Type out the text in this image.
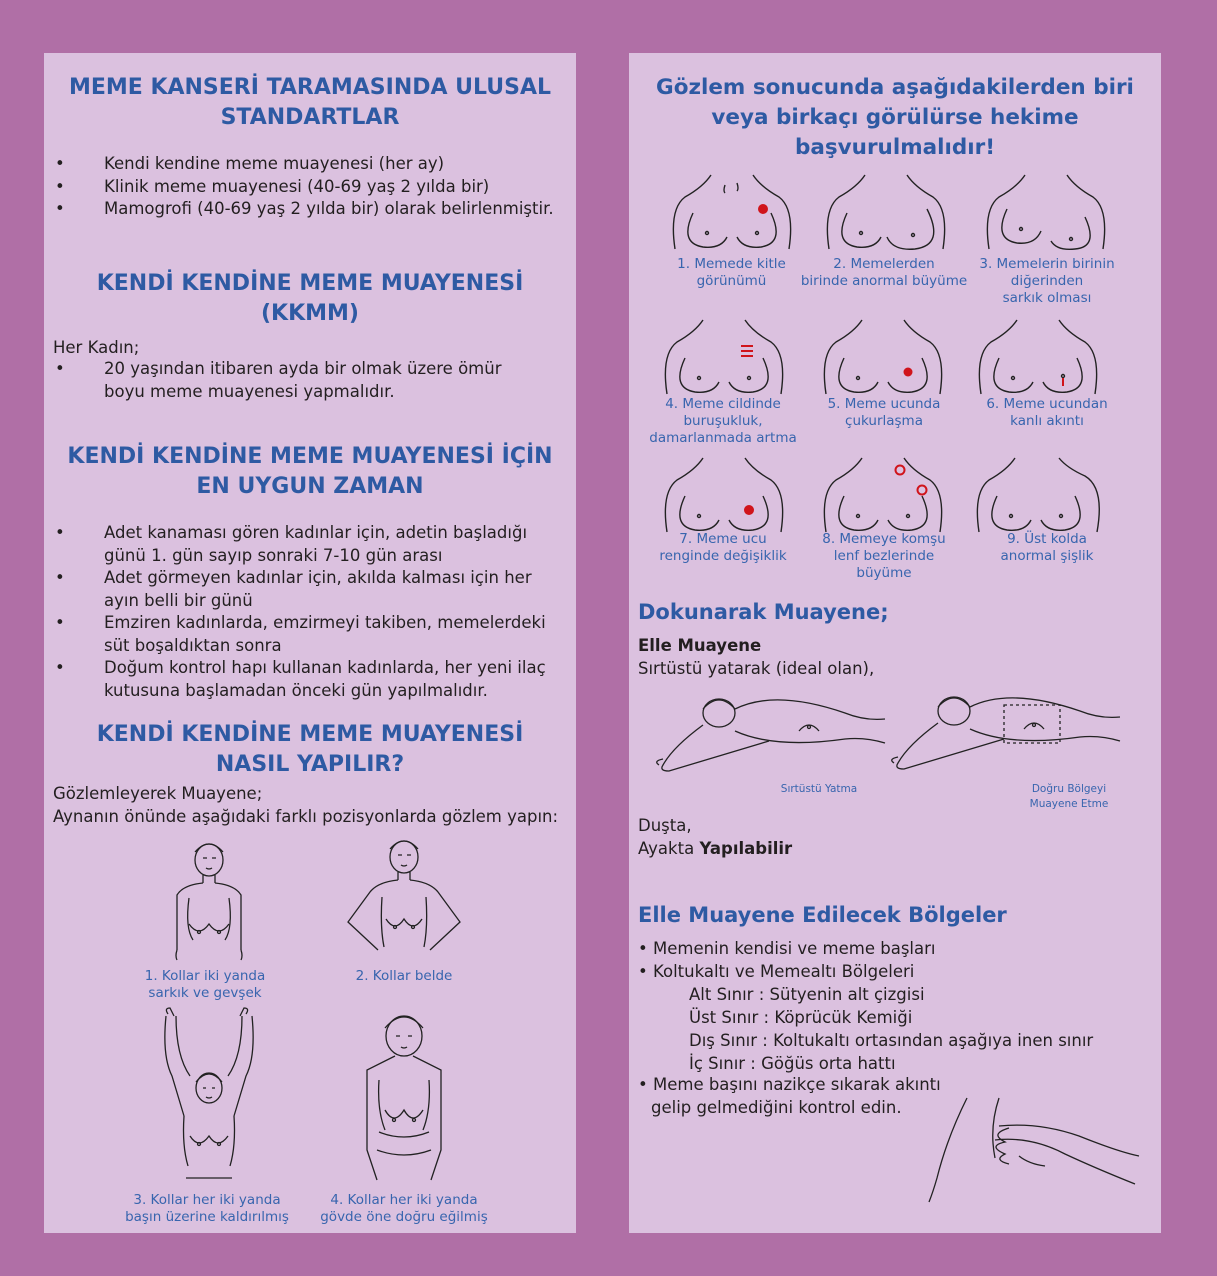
MEME KANSERİ TARAMASINDA ULUSAL
STANDARTLAR
• Kendi kendine meme muayenesi (her ay)
• Klinik meme muayenesi (40-69 yaş 2 yılda bir)
• Mamogrofi (40-69 yaş 2 yılda bir) olarak belirlenmiştir.
KENDİ KENDİNE MEME MUAYENESİ
(KKMM)
Her Kadın;
• 20 yaşından itibaren ayda bir olmak üzere ömür boyu meme muayenesi yapmalıdır.
KENDİ KENDİNE MEME MUAYENESİ İÇİN
EN UYGUN ZAMAN
• Adet kanaması gören kadınlar için, adetin başladığı günü 1. gün sayıp sonraki 7-10 gün arası
• Adet görmeyen kadınlar için, akılda kalması için her ayın belli bir günü
• Emziren kadınlarda, emzirmeyi takiben, memelerdeki süt boşaldıktan sonra
• Doğum kontrol hapı kullanan kadınlarda, her yeni ilaç kutusuna başlamadan önceki gün yapılmalıdır.
KENDİ KENDİNE MEME MUAYENESİ
NASIL YAPILIR?
Gözlemleyerek Muayene;
Aynanın önünde aşağıdaki farklı pozisyonlarda gözlem yapın:
1. Kollar iki yanda
sarkık ve gevşek
2. Kollar belde
3. Kollar her iki yanda
başın üzerine kaldırılmış
4. Kollar her iki yanda
gövde öne doğru eğilmiş
Gözlem sonucunda aşağıdakilerden biri
veya birkaçı görülürse hekime
başvurulmalıdır!
1. Memede kitle
görünümü
2. Memelerden
birinde anormal büyüme
3. Memelerin birinin
diğerinden
sarkık olması
4. Meme cildinde
buruşukluk,
damarlanmada artma
5. Meme ucunda
çukurlaşma
6. Meme ucundan
kanlı akıntı
7. Meme ucu
renginde değişiklik
8. Memeye komşu
lenf bezlerinde
büyüme
9. Üst kolda
anormal şişlik
Dokunarak Muayene;
Elle Muayene
Sırtüstü yatarak (ideal olan),
Sırtüstü Yatma	Doğru Bölgeyi
Muayene Etme
Duşta,
Ayakta Yapılabilir
Elle Muayene Edilecek Bölgeler
• Memenin kendisi ve meme başları
• Koltukaltı ve Memealtı Bölgeleri
Alt Sınır : Sütyenin alt çizgisi
Üst Sınır : Köprücük Kemiği
Dış Sınır : Koltukaltı ortasından aşağıya inen sınır
İç Sınır : Göğüs orta hattı
• Meme başını nazikçe sıkarak akıntı
gelip gelmediğini kontrol edin.
